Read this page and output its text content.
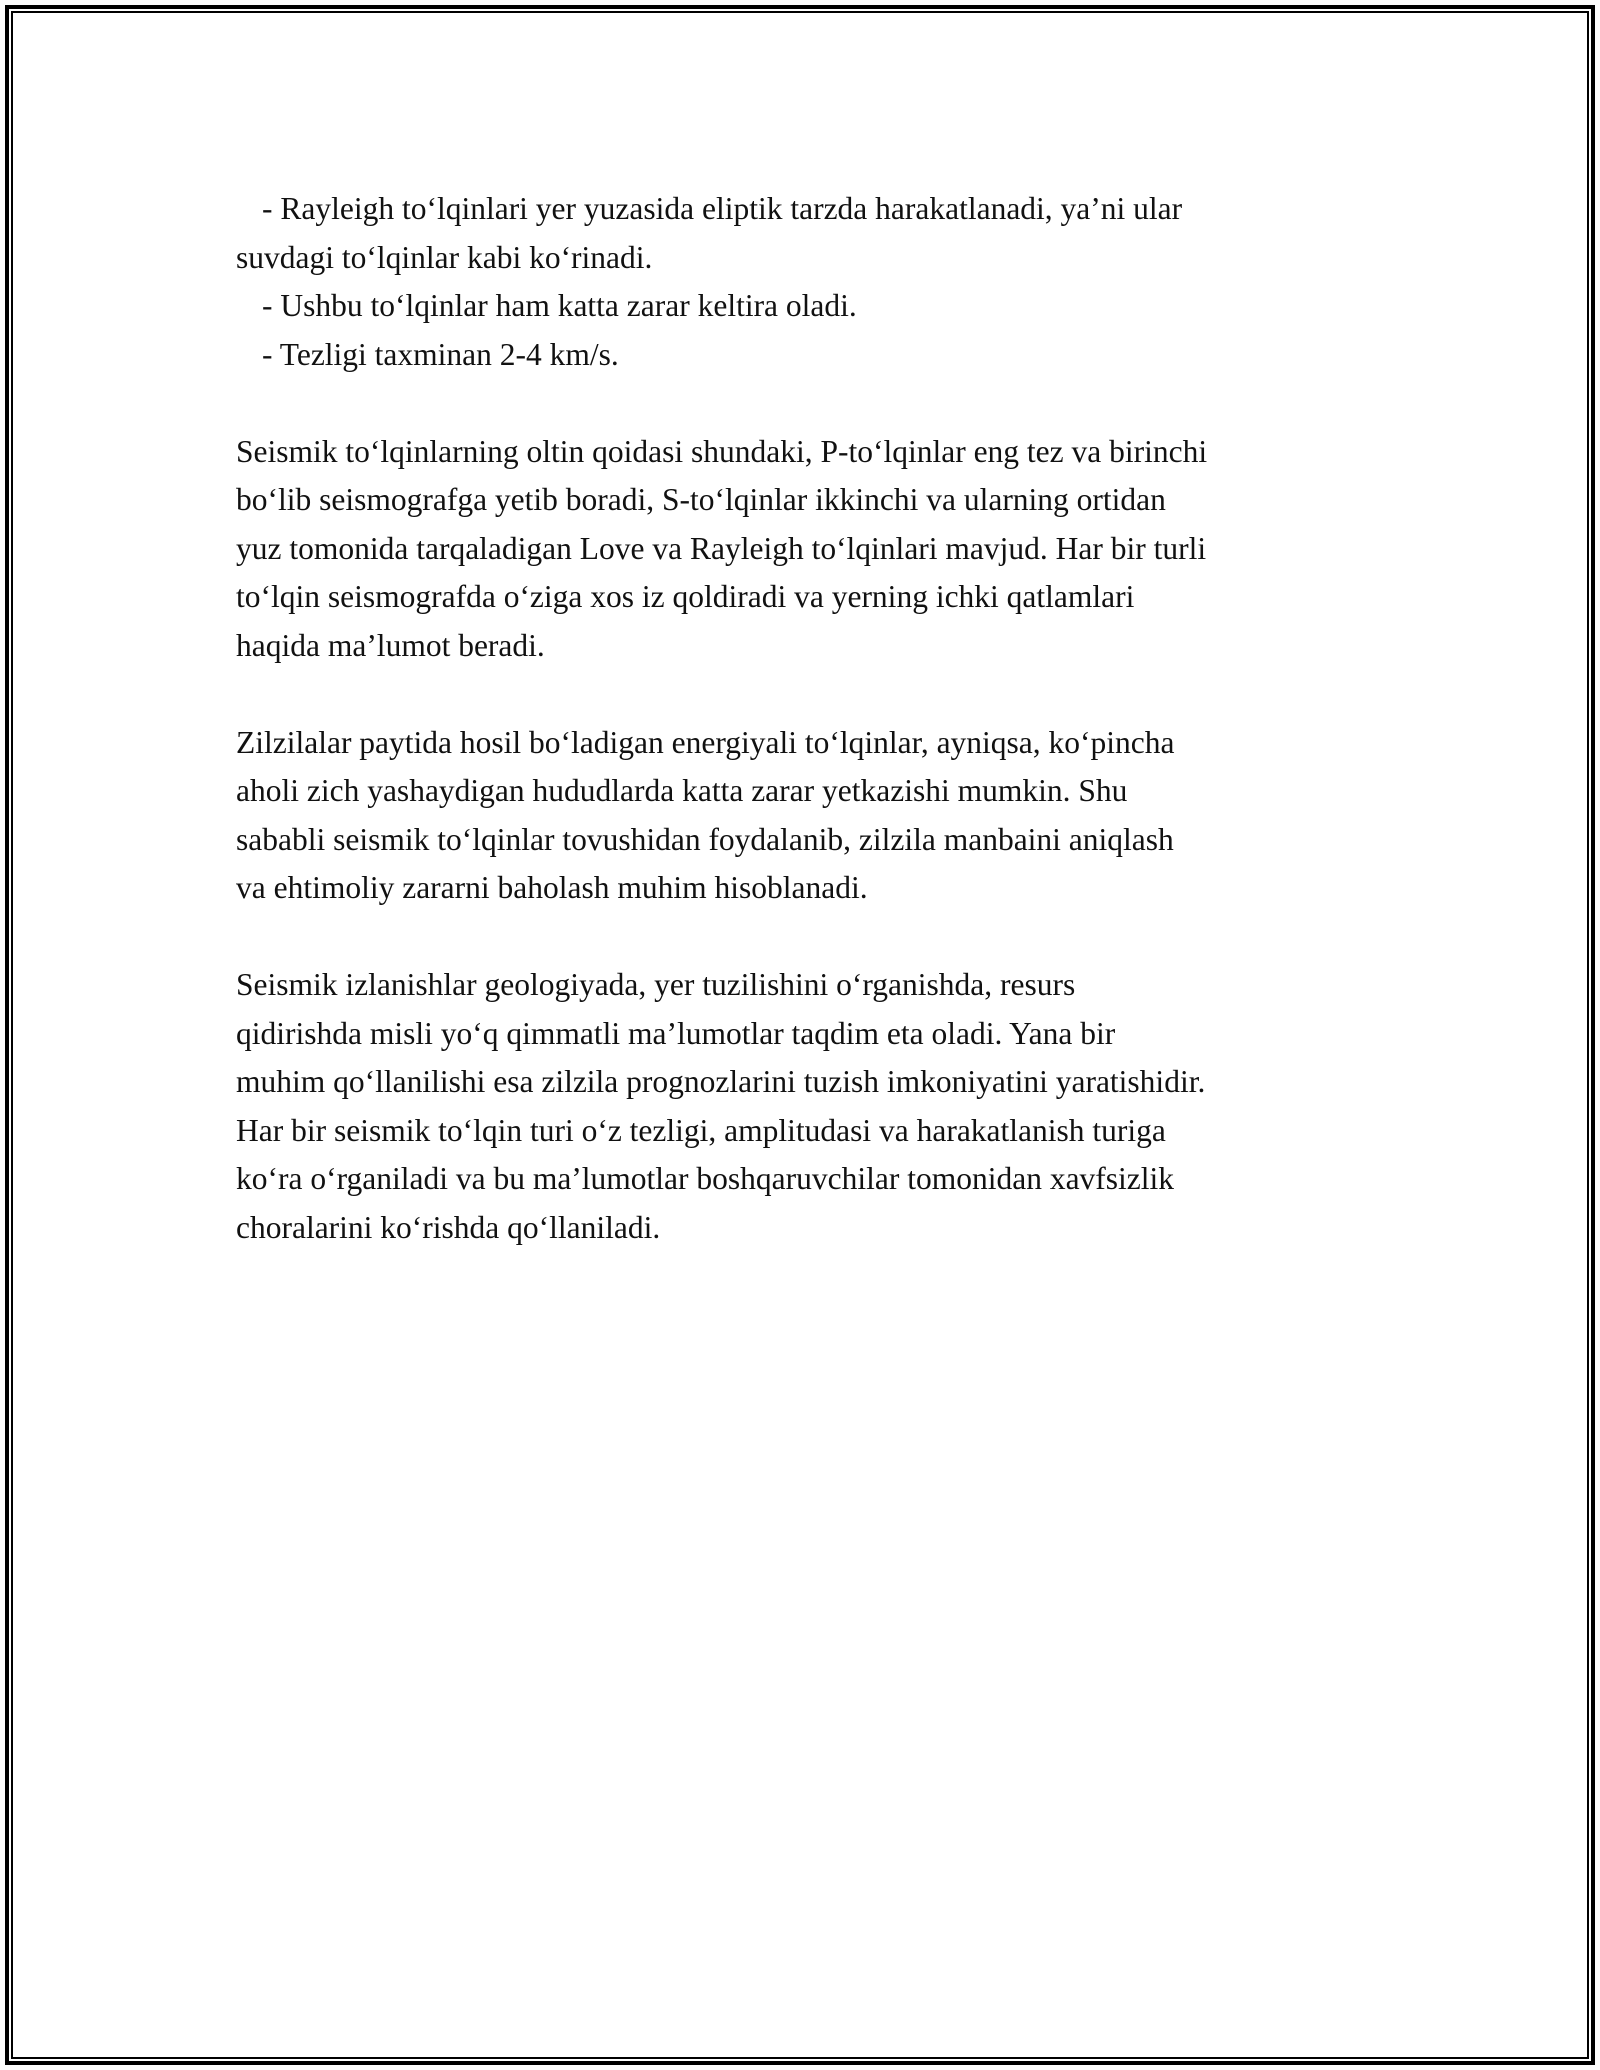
- Rayleigh to‘lqinlari yer yuzasida eliptik tarzda harakatlanadi, ya’ni ular
suvdagi to‘lqinlar kabi ko‘rinadi.
- Ushbu to‘lqinlar ham katta zarar keltira oladi.
- Tezligi taxminan 2-4 km/s.

Seismik to‘lqinlarning oltin qoidasi shundaki, P-to‘lqinlar eng tez va birinchi
bo‘lib seismografga yetib boradi, S-to‘lqinlar ikkinchi va ularning ortidan
yuz tomonida tarqaladigan Love va Rayleigh to‘lqinlari mavjud. Har bir turli
to‘lqin seismografda o‘ziga xos iz qoldiradi va yerning ichki qatlamlari
haqida ma’lumot beradi.

Zilzilalar paytida hosil bo‘ladigan energiyali to‘lqinlar, ayniqsa, ko‘pincha
aholi zich yashaydigan hududlarda katta zarar yetkazishi mumkin. Shu
sababli seismik to‘lqinlar tovushidan foydalanib, zilzila manbaini aniqlash
va ehtimoliy zararni baholash muhim hisoblanadi.

Seismik izlanishlar geologiyada, yer tuzilishini o‘rganishda, resurs
qidirishda misli yo‘q qimmatli ma’lumotlar taqdim eta oladi. Yana bir
muhim qo‘llanilishi esa zilzila prognozlarini tuzish imkoniyatini yaratishidir.
Har bir seismik to‘lqin turi o‘z tezligi, amplitudasi va harakatlanish turiga
ko‘ra o‘rganiladi va bu ma’lumotlar boshqaruvchilar tomonidan xavfsizlik
choralarini ko‘rishda qo‘llaniladi.
